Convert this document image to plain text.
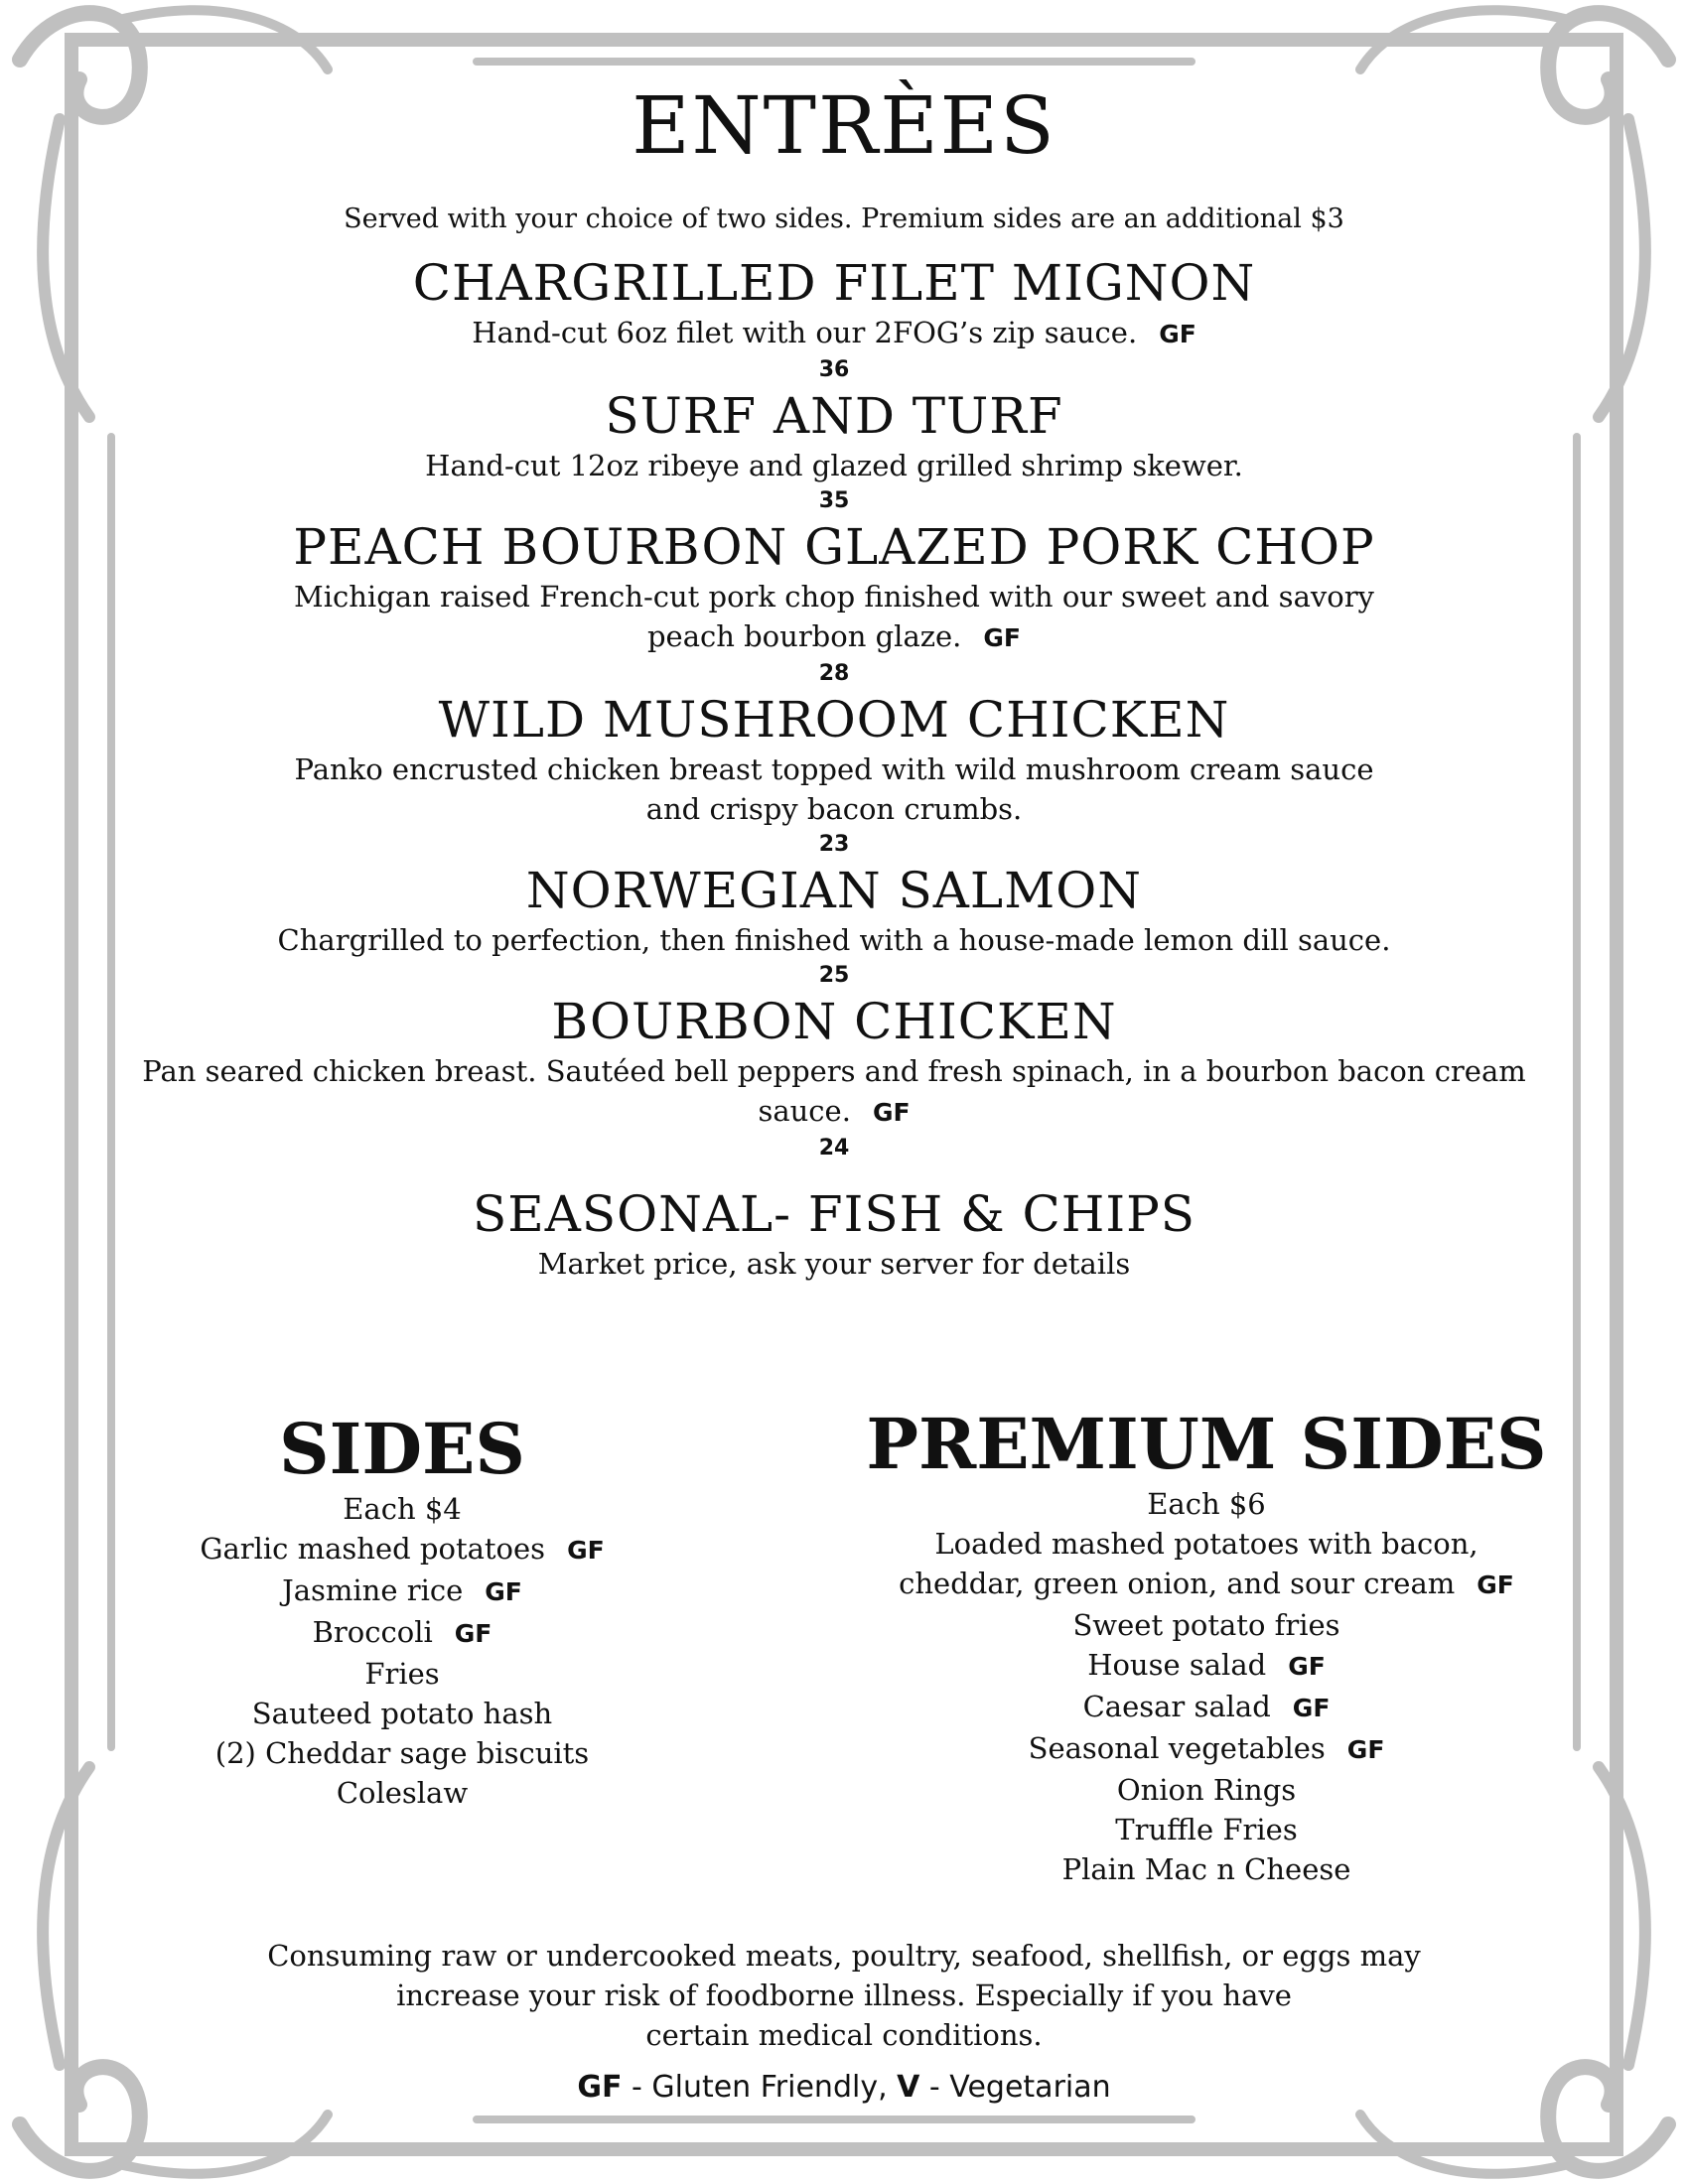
ENTRÈES
Served with your choice of two sides. Premium sides are an additional $3
CHARGRILLED FILET MIGNON
Hand-cut 6oz filet with our 2FOG’s zip sauce. GF
36
SURF AND TURF
Hand-cut 12oz ribeye and glazed grilled shrimp skewer.
35
PEACH BOURBON GLAZED PORK CHOP
Michigan raised French-cut pork chop finished with our sweet and savory
peach bourbon glaze. GF
28
WILD MUSHROOM CHICKEN
Panko encrusted chicken breast topped with wild mushroom cream sauce
and crispy bacon crumbs.
23
NORWEGIAN SALMON
Chargrilled to perfection, then finished with a house-made lemon dill sauce.
25
BOURBON CHICKEN
Pan seared chicken breast. Sautéed bell peppers and fresh spinach, in a bourbon bacon cream
sauce. GF
24
SEASONAL- FISH & CHIPS
Market price, ask your server for details
SIDES
Each $4
Garlic mashed potatoes GF
Jasmine rice GF
Broccoli GF
Fries
Sauteed potato hash
(2) Cheddar sage biscuits
Coleslaw
PREMIUM SIDES
Each $6
Loaded mashed potatoes with bacon,
cheddar, green onion, and sour cream GF
Sweet potato fries
House salad GF
Caesar salad GF
Seasonal vegetables GF
Onion Rings
Truffle Fries
Plain Mac n Cheese
Consuming raw or undercooked meats, poultry, seafood, shellfish, or eggs may
increase your risk of foodborne illness. Especially if you have
certain medical conditions.
GF - Gluten Friendly, V - Vegetarian
